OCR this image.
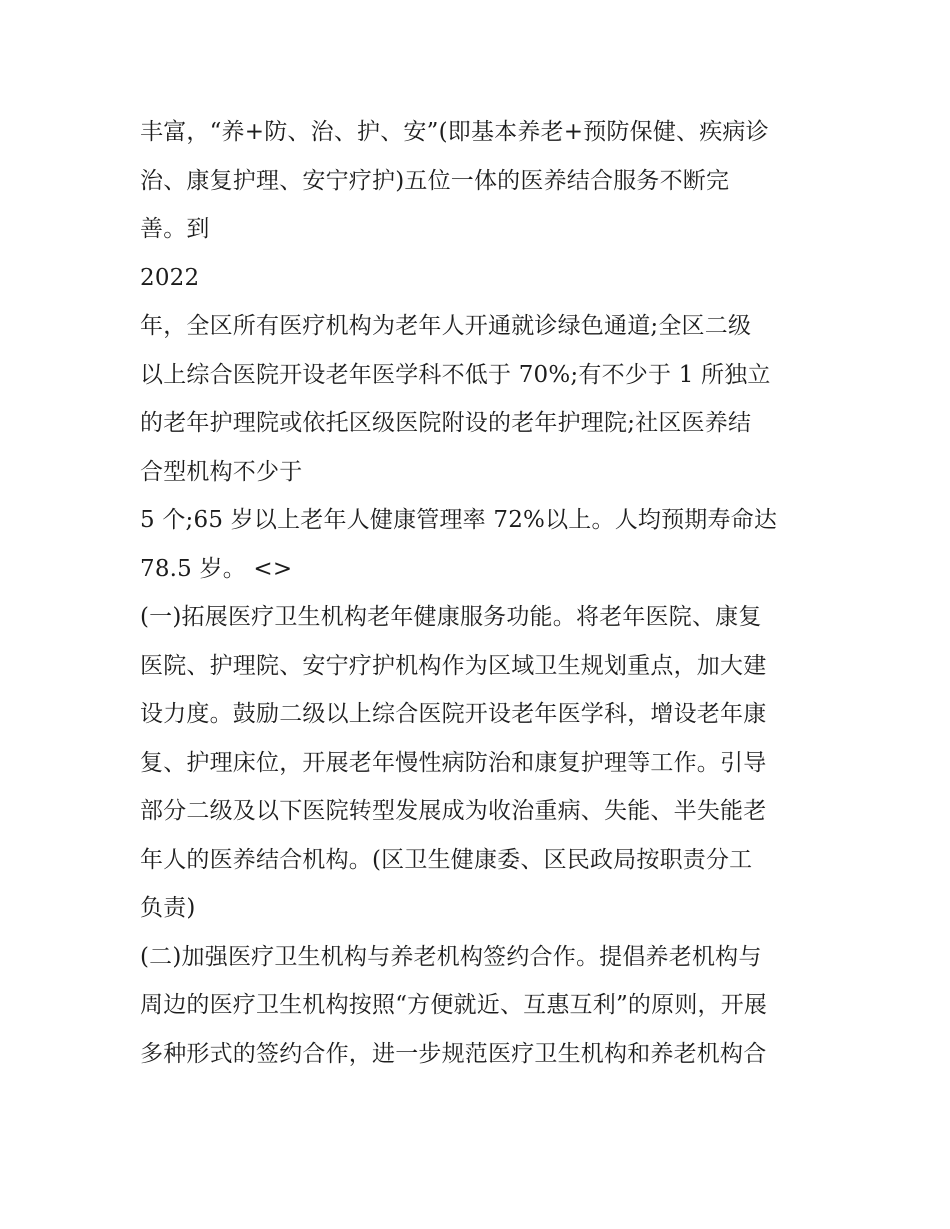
丰富，“养+防、治、护、安”(即基本养老+预防保健、疾病诊
治、康复护理、安宁疗护)五位一体的医养结合服务不断完
善。到
2022
年，全区所有医疗机构为老年人开通就诊绿色通道;全区二级
以上综合医院开设老年医学科不低于 70%;有不少于 1 所独立
的老年护理院或依托区级医院附设的老年护理院;社区医养结
合型机构不少于
5 个;65 岁以上老年人健康管理率 72%以上。人均预期寿命达
78.5 岁。 <>
(一)拓展医疗卫生机构老年健康服务功能。将老年医院、康复
医院、护理院、安宁疗护机构作为区域卫生规划重点，加大建
设力度。鼓励二级以上综合医院开设老年医学科，增设老年康
复、护理床位，开展老年慢性病防治和康复护理等工作。引导
部分二级及以下医院转型发展成为收治重病、失能、半失能老
年人的医养结合机构。(区卫生健康委、区民政局按职责分工
负责)
(二)加强医疗卫生机构与养老机构签约合作。提倡养老机构与
周边的医疗卫生机构按照“方便就近、互惠互利”的原则，开展
多种形式的签约合作，进一步规范医疗卫生机构和养老机构合
